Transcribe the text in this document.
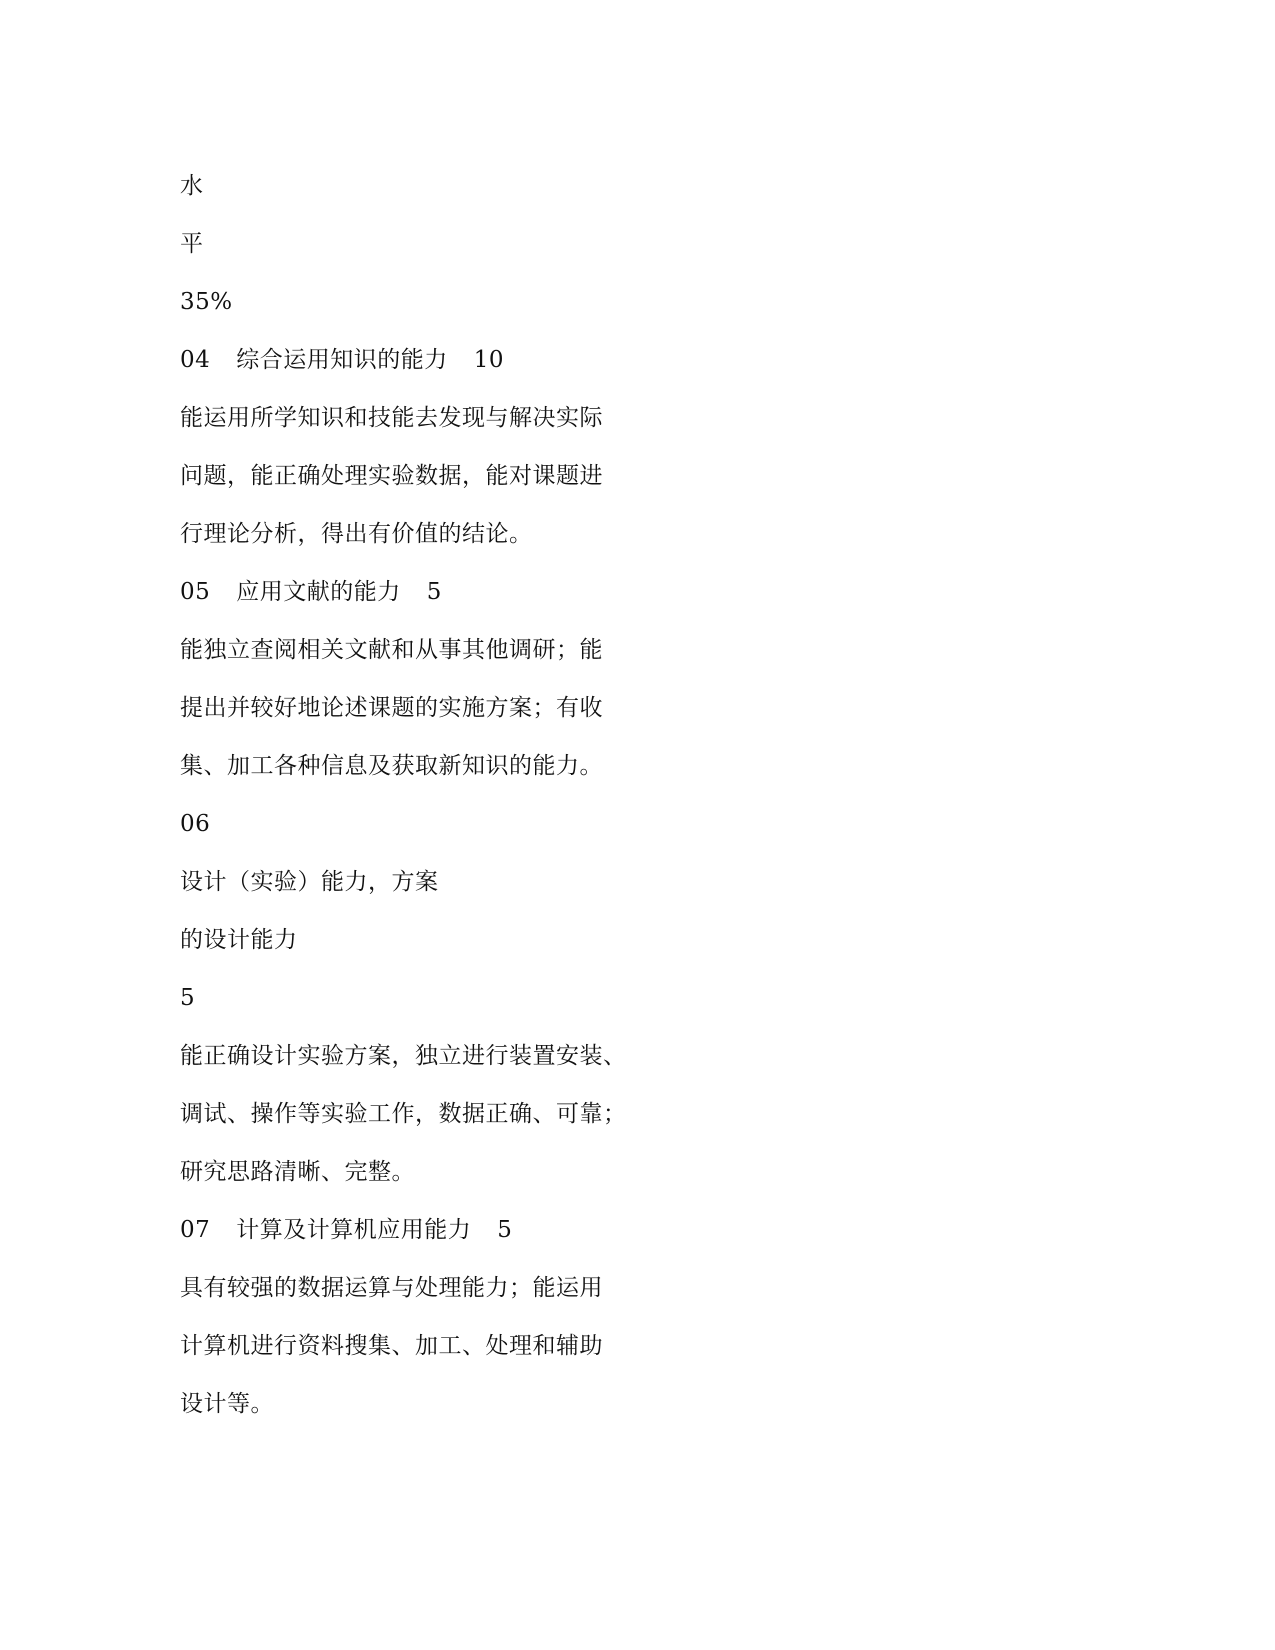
水
平
35%
04 综合运用知识的能力 10
能运用所学知识和技能去发现与解决实际
问题，能正确处理实验数据，能对课题进
行理论分析，得出有价值的结论。
05 应用文献的能力 5
能独立查阅相关文献和从事其他调研；能
提出并较好地论述课题的实施方案；有收
集、加工各种信息及获取新知识的能力。
06
设计（实验）能力，方案
的设计能力
5
能正确设计实验方案，独立进行装置安装、
调试、操作等实验工作，数据正确、可靠；
研究思路清晰、完整。
07 计算及计算机应用能力 5
具有较强的数据运算与处理能力；能运用
计算机进行资料搜集、加工、处理和辅助
设计等。
